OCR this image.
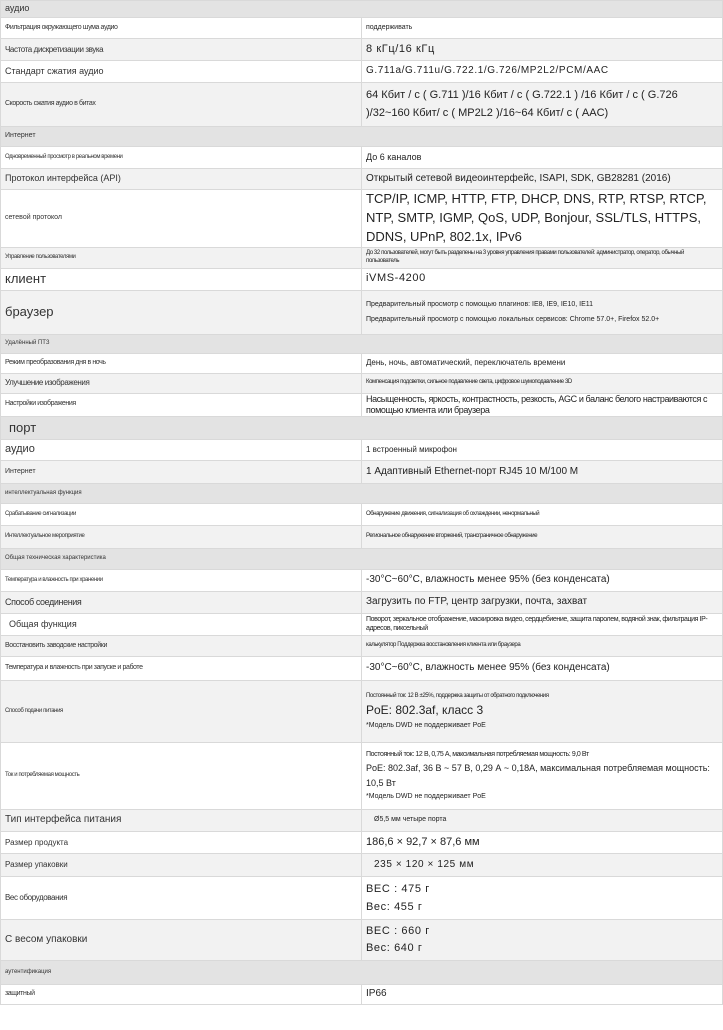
аудио	
Фильтрация окружающего шума аудио	поддерживать
Частота дискретизации звука	8 кГц/16 кГц
Стандарт сжатия аудио	G.711a/G.711u/G.722.1/G.726/MP2L2/PCM/AAC
Скорость сжатия аудио в битах	64 Кбит / с ( G.711 )/16 Кбит / с ( G.722.1 ) /16 Кбит / с ( G.726 )/32~160 Кбит/ с ( MP2L2 )/16~64 Кбит/ с ( AAC)
Интернет	
Одновременный просмотр в реальном времени	До 6 каналов
Протокол интерфейса (API)	Открытый сетевой видеоинтерфейс, ISAPI, SDK, GB28281 (2016)
сетевой протокол	TCP/IP, ICMP, HTTP, FTP, DHCP, DNS, RTP, RTSP, RTCP, NTP, SMTP, IGMP, QoS, UDP, Bonjour, SSL/TLS, HTTPS, DDNS, UPnP, 802.1x, IPv6
Управление пользователями	До 32 пользователей, могут быть разделены на 3 уровня управления правами пользователей: администратор, оператор, обычный пользователь
клиент	iVMS-4200
браузер	Предварительный просмотр с помощью плагинов: IE8, IE9, IE10, IE11
Предварительный просмотр с помощью локальных сервисов: Chrome 57.0+, Firefox 52.0+

Удалённый ПТЗ	
Режим преобразования дня в ночь	День, ночь, автоматический, переключатель времени
Улучшение изображения	Компенсация подсветки, сильное подавление света, цифровое шумоподавление 3D
Настройки изображения	Насыщенность, яркость, контрастность, резкость, AGC и баланс белого настраиваются с помощью клиента или браузера
порт	
аудио	1 встроенный микрофон
Интернет	1 Адаптивный Ethernet-порт RJ45 10 M/100 M
интеллектуальная функция	
Срабатывание сигнализации	Обнаружение движения, сигнализация об охлаждении, ненормальный
Интеллектуальное мероприятие	Региональное обнаружение вторжений, трансграничное обнаружение
Общая техническая характеристика	
Температура и влажность при хранении	-30°C~60°C, влажность менее 95% (без конденсата)
Способ соединения	Загрузить по FTP, центр загрузки, почта, захват
Общая функция	Поворот, зеркальное отображение, маскировка видео, сердцебиение, защита паролем, водяной знак, фильтрация IP-адресов, пиксельный
Восстановить заводские настройки	калькулятор Поддержка восстановления клиента или браузера
Температура и влажность при запуске и работе	-30°C~60°C, влажность менее 95% (без конденсата)
Способ подачи питания	Постоянный ток: 12 В ±25%, поддержка защиты от обратного подключения
PoE: 802.3af, класс 3
*Модель DWD не поддерживает PoE

Ток и потребляемая мощность	Постоянный ток: 12 В, 0,75 A, максимальная потребляемая мощность: 9,0 Вт
PoE: 802.3af, 36 В ~ 57 В, 0,29 А ~ 0,18А, максимальная потребляемая мощность: 10,5 Вт
*Модель DWD не поддерживает PoE

Тип интерфейса питания	Ø5,5 мм четыре порта
Размер продукта	186,6 × 92,7 × 87,6 мм
Размер упаковки	235 × 120 × 125 мм
Вес оборудования	ВЕС : 475 г
Вес: 455 г

С весом упаковки	ВЕС : 660 г
Вес: 640 г

аутентификация	
защитный	IP66
